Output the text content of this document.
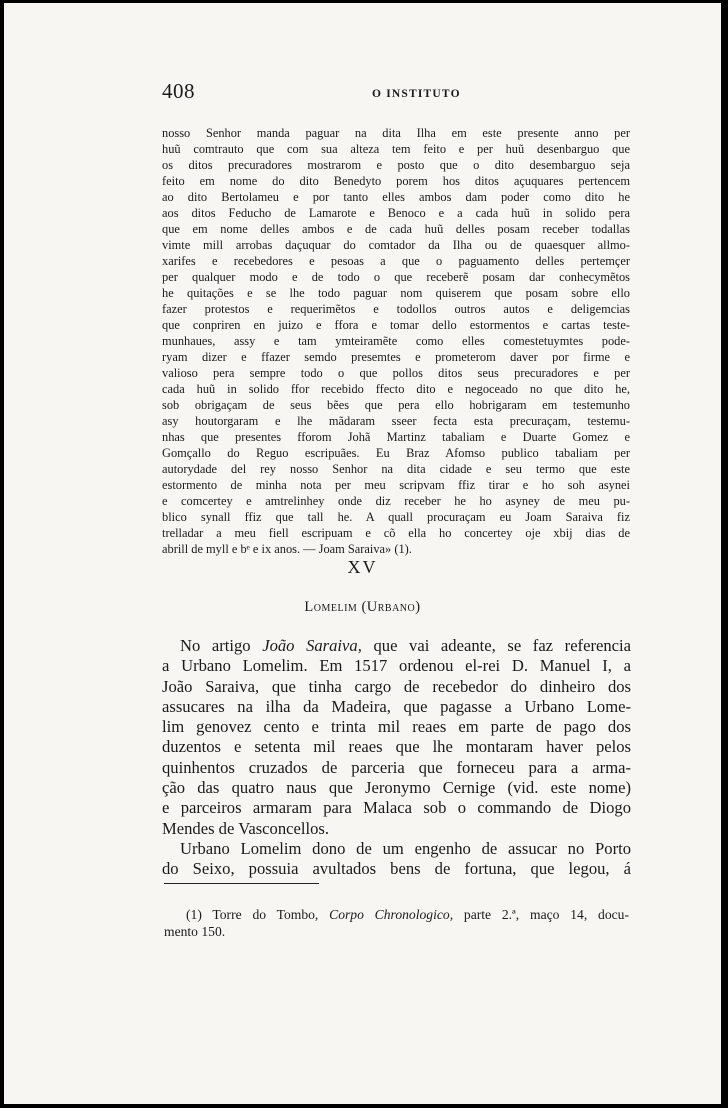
408	O INSTITUTO
nosso Senhor manda paguar na dita Ilha em este presente anno per
huũ comtrauto que com sua alteza tem feito e per huũ desenbarguo que
os ditos precuradores mostrarom e posto que o dito desembarguo seja
feito em nome do dito Benedyto porem hos ditos açuquares pertencem
ao dito Bertolameu e por tanto elles ambos dam poder como dito he
aos ditos Feducho de Lamarote e Benoco e a cada huũ in solido pera
que em nome delles ambos e de cada huũ delles posam receber todallas
vimte mill arrobas daçuquar do comtador da Ilha ou de quaesquer allmo-
xarifes e recebedores e pesoas a que o paguamento delles pertemçer
per qualquer modo e de todo o que receberẽ posam dar conhecymẽtos
he quitações e se lhe todo paguar nom quiserem que posam sobre ello
fazer protestos e requerimẽtos e todollos outros autos e deligemcias
que conpriren en juizo e ffora e tomar dello estormentos e cartas teste-
munhaues, assy e tam ymteiramẽte como elles comestetuymtes pode-
ryam dizer e ffazer semdo presemtes e prometerom daver por firme e
valioso pera sempre todo o que pollos ditos seus precuradores e per
cada huũ in solido ffor recebido ffecto dito e negoceado no que dito he,
sob obrigaçam de seus bẽes que pera ello hobrigaram em testemunho
asy houtorgaram e lhe mãdaram sseer fecta esta precuraçam, testemu-
nhas que presentes fforom Johã Martinz tabaliam e Duarte Gomez e
Gomçallo do Reguo escripuães. Eu Braz Afomso publico tabaliam per
autorydade del rey nosso Senhor na dita cidade e seu termo que este
estormento de minha nota per meu scripvam ffiz tirar e ho soh asynei
e comcertey e amtrelinhey onde diz receber he ho asyney de meu pu-
blico synall ffiz que tall he. A quall procuraçam eu Joam Saraiva fiz
trelladar a meu fiell escripuam e cõ ella ho concertey oje xbij dias de
abrill de myll e bᵉ e ix anos. — Joam Saraiva» (1).
XV
Lomelim (Urbano)
No artigo João Saraiva, que vai adeante, se faz referencia
a Urbano Lomelim. Em 1517 ordenou el-rei D. Manuel I, a
João Saraiva, que tinha cargo de recebedor do dinheiro dos
assucares na ilha da Madeira, que pagasse a Urbano Lome-
lim genovez cento e trinta mil reaes em parte de pago dos
duzentos e setenta mil reaes que lhe montaram haver pelos
quinhentos cruzados de parceria que forneceu para a arma-
ção das quatro naus que Jeronymo Cernige (vid. este nome)
e parceiros armaram para Malaca sob o commando de Diogo
Mendes de Vasconcellos.
Urbano Lomelim dono de um engenho de assucar no Porto
do Seixo, possuia avultados bens de fortuna, que legou, á
(1) Torre do Tombo, Corpo Chronologico, parte 2.ª, maço 14, docu-
mento 150.
